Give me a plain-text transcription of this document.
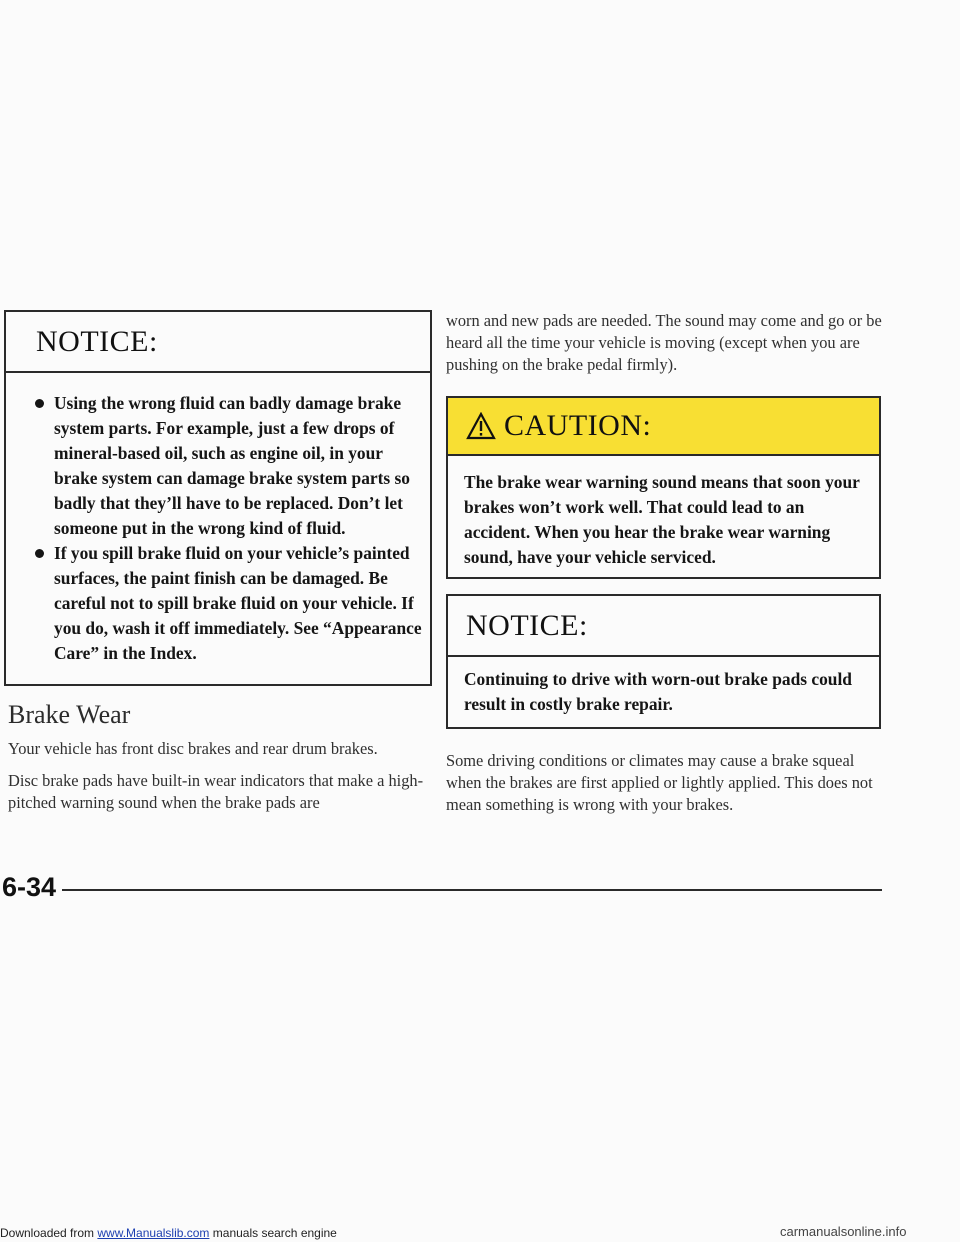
NOTICE:
Using the wrong fluid can badly damage brake system parts. For example, just a few drops of mineral-based oil, such as engine oil, in your brake system can damage brake system parts so badly that they’ll have to be replaced. Don’t let someone put in the wrong kind of fluid.
If you spill brake fluid on your vehicle’s painted surfaces, the paint finish can be damaged. Be careful not to spill brake fluid on your vehicle. If you do, wash it off immediately. See “Appearance Care” in the Index.
Brake Wear

Your vehicle has front disc brakes and rear drum brakes.

Disc brake pads have built-in wear indicators that make a high-pitched warning sound when the brake pads are

worn and new pads are needed. The sound may come and go or be heard all the time your vehicle is moving (except when you are pushing on the brake pedal firmly).

CAUTION:

The brake wear warning sound means that soon your brakes won’t work well. That could lead to an accident. When you hear the brake wear warning sound, have your vehicle serviced.

NOTICE:

Continuing to drive with worn-out brake pads could result in costly brake repair.

Some driving conditions or climates may cause a brake squeal when the brakes are first applied or lightly applied. This does not mean something is wrong with your brakes.

6-34
Downloaded from www.Manualslib.com manuals search engine	carmanualsonline.info
